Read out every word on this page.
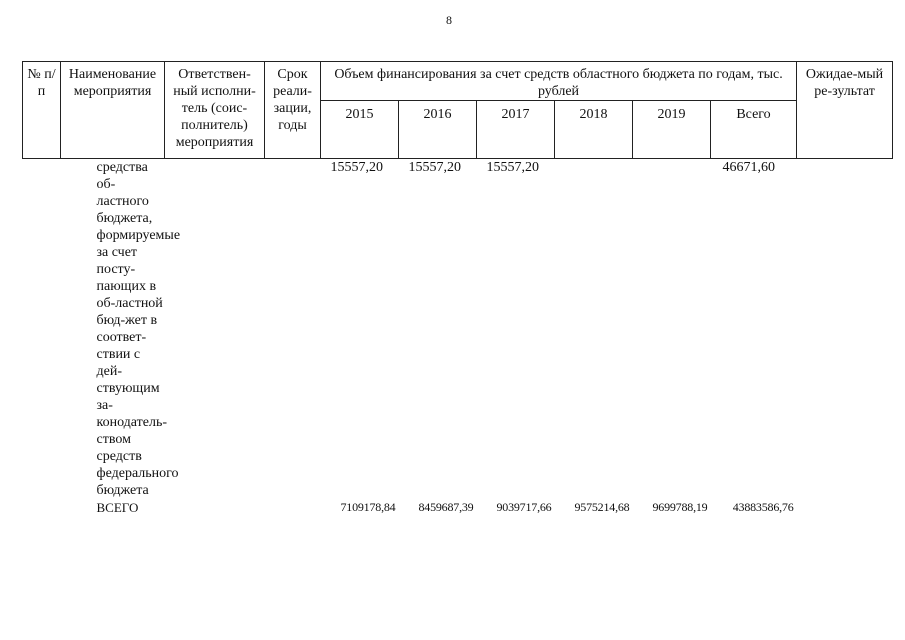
8
№ п/п	Наименование мероприятия	Ответствен-ный исполни-тель (соис-полнитель) мероприятия	Срок реали-зации, годы	Объем финансирования за счет средств областного бюджета по годам, тыс. рублей						Ожидае-мый ре-зультат
				2015	2016	2017	2018	2019	Всего	
	средства об-ластного бюджета, формируемые за счет посту-пающих в об-ластной бюд-жет в соответ-ствии с дей-ствующим за-конодатель-ством средств федерального бюджета			15557,20	15557,20	15557,20			46671,60	
	ВСЕГО			7109178,84	8459687,39	9039717,66	9575214,68	9699788,19	43883586,76	
